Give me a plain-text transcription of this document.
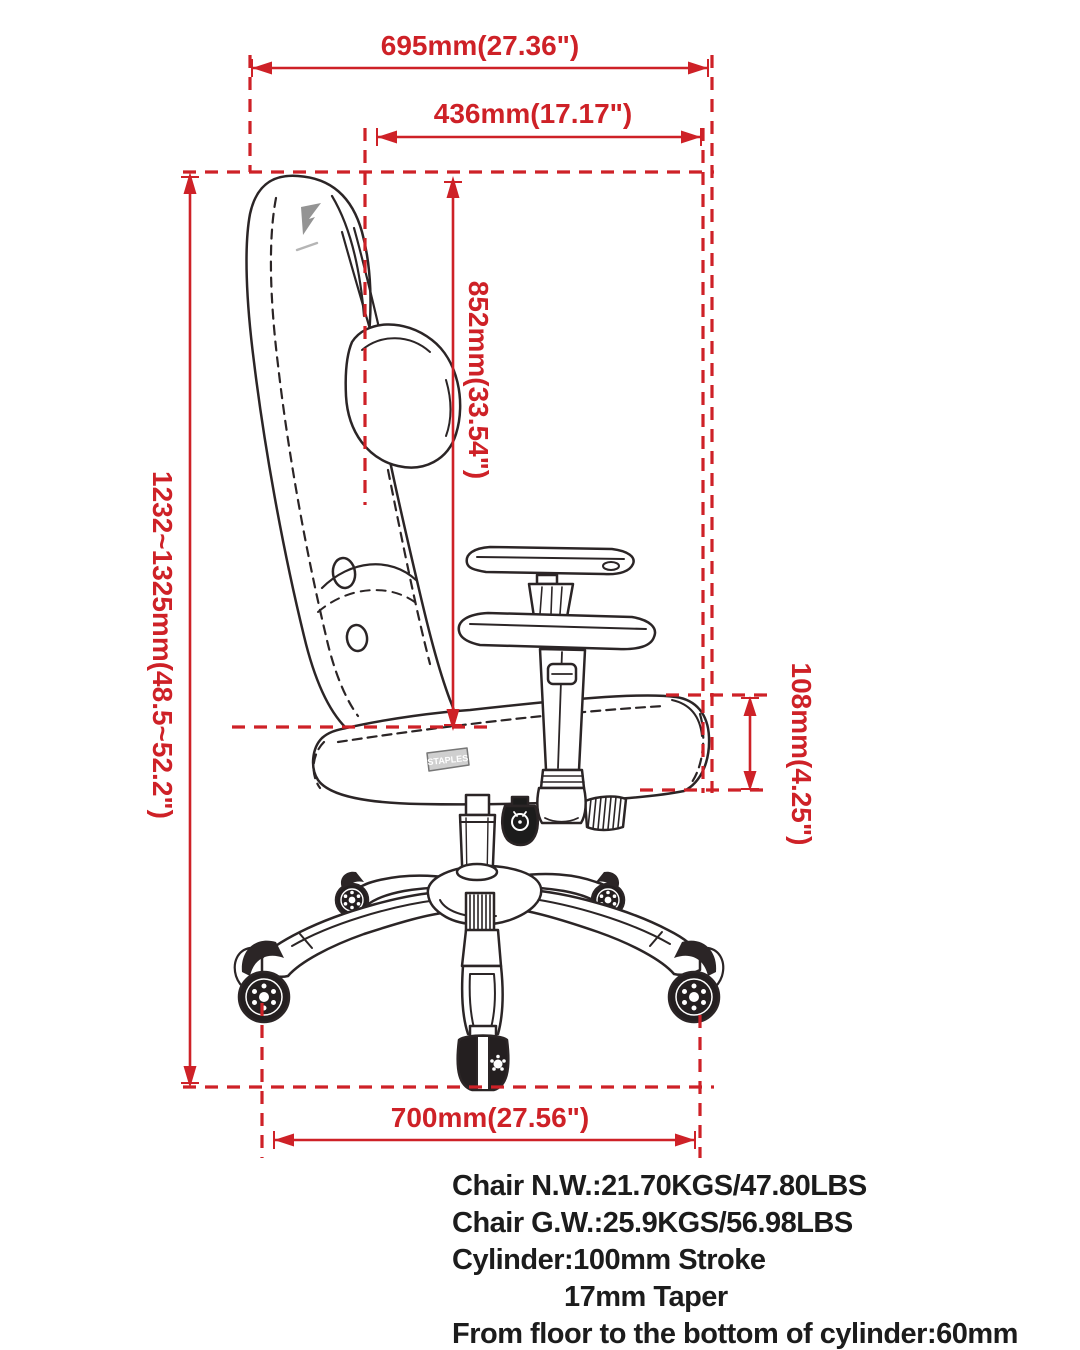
STAPLES
695mm(27.36")
436mm(17.17")
852mm(33.54")
1232~1325mm(48.5~52.2")	108mm(4.25")
700mm(27.56")
Chair N.W.:21.70KGS/47.80LBS
Chair G.W.:25.9KGS/56.98LBS
Cylinder:100mm Stroke
17mm Taper
From floor to the bottom of cylinder:60mm
